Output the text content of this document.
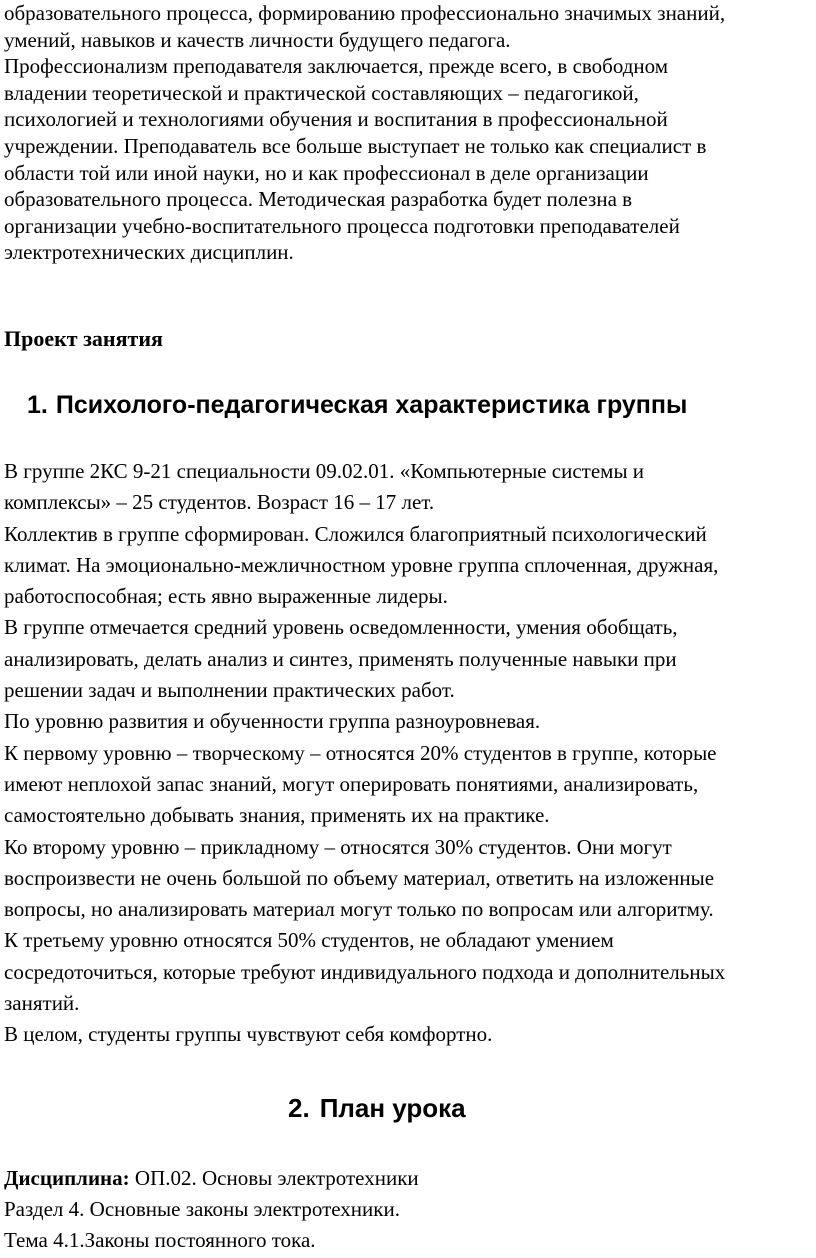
образовательного процесса, формированию профессионально значимых знаний,
умений, навыков и качеств личности будущего педагога.
Профессионализм преподавателя заключается, прежде всего, в свободном
владении теоретической и практической составляющих – педагогикой,
психологией и технологиями обучения и воспитания в профессиональной
учреждении. Преподаватель все больше выступает не только как специалист в
области той или иной науки, но и как профессионал в деле организации
образовательного процесса. Методическая разработка будет полезна в
организации учебно-воспитательного процесса подготовки преподавателей
электротехнических дисциплин.
Проект занятия
1. Психолого-педагогическая характеристика группы

В группе 2КС 9-21 специальности 09.02.01. «Компьютерные системы и
комплексы» – 25 студентов. Возраст 16 – 17 лет.

Коллектив в группе сформирован. Сложился благоприятный психологический
климат. На эмоционально-межличностном уровне группа сплоченная, дружная,
работоспособная; есть явно выраженные лидеры.

В группе отмечается средний уровень осведомленности, умения обобщать,
анализировать, делать анализ и синтез, применять полученные навыки при
решении задач и выполнении практических работ.

По уровню развития и обученности группа разноуровневая.

К первому уровню – творческому – относятся 20% студентов в группе, которые
имеют неплохой запас знаний, могут оперировать понятиями, анализировать,
самостоятельно добывать знания, применять их на практике.

Ко второму уровню – прикладному – относятся 30% студентов. Они могут
воспроизвести не очень большой по объему материал, ответить на изложенные
вопросы, но анализировать материал могут только по вопросам или алгоритму.

К третьему уровню относятся 50% студентов, не обладают умением
сосредоточиться, которые требуют индивидуального подхода и дополнительных
занятий.

В целом, студенты группы чувствуют себя комфортно.

2. План урока

Дисциплина: ОП.02. Основы электротехники

Раздел 4. Основные законы электротехники.

Тема 4.1.Законы постоянного тока.
